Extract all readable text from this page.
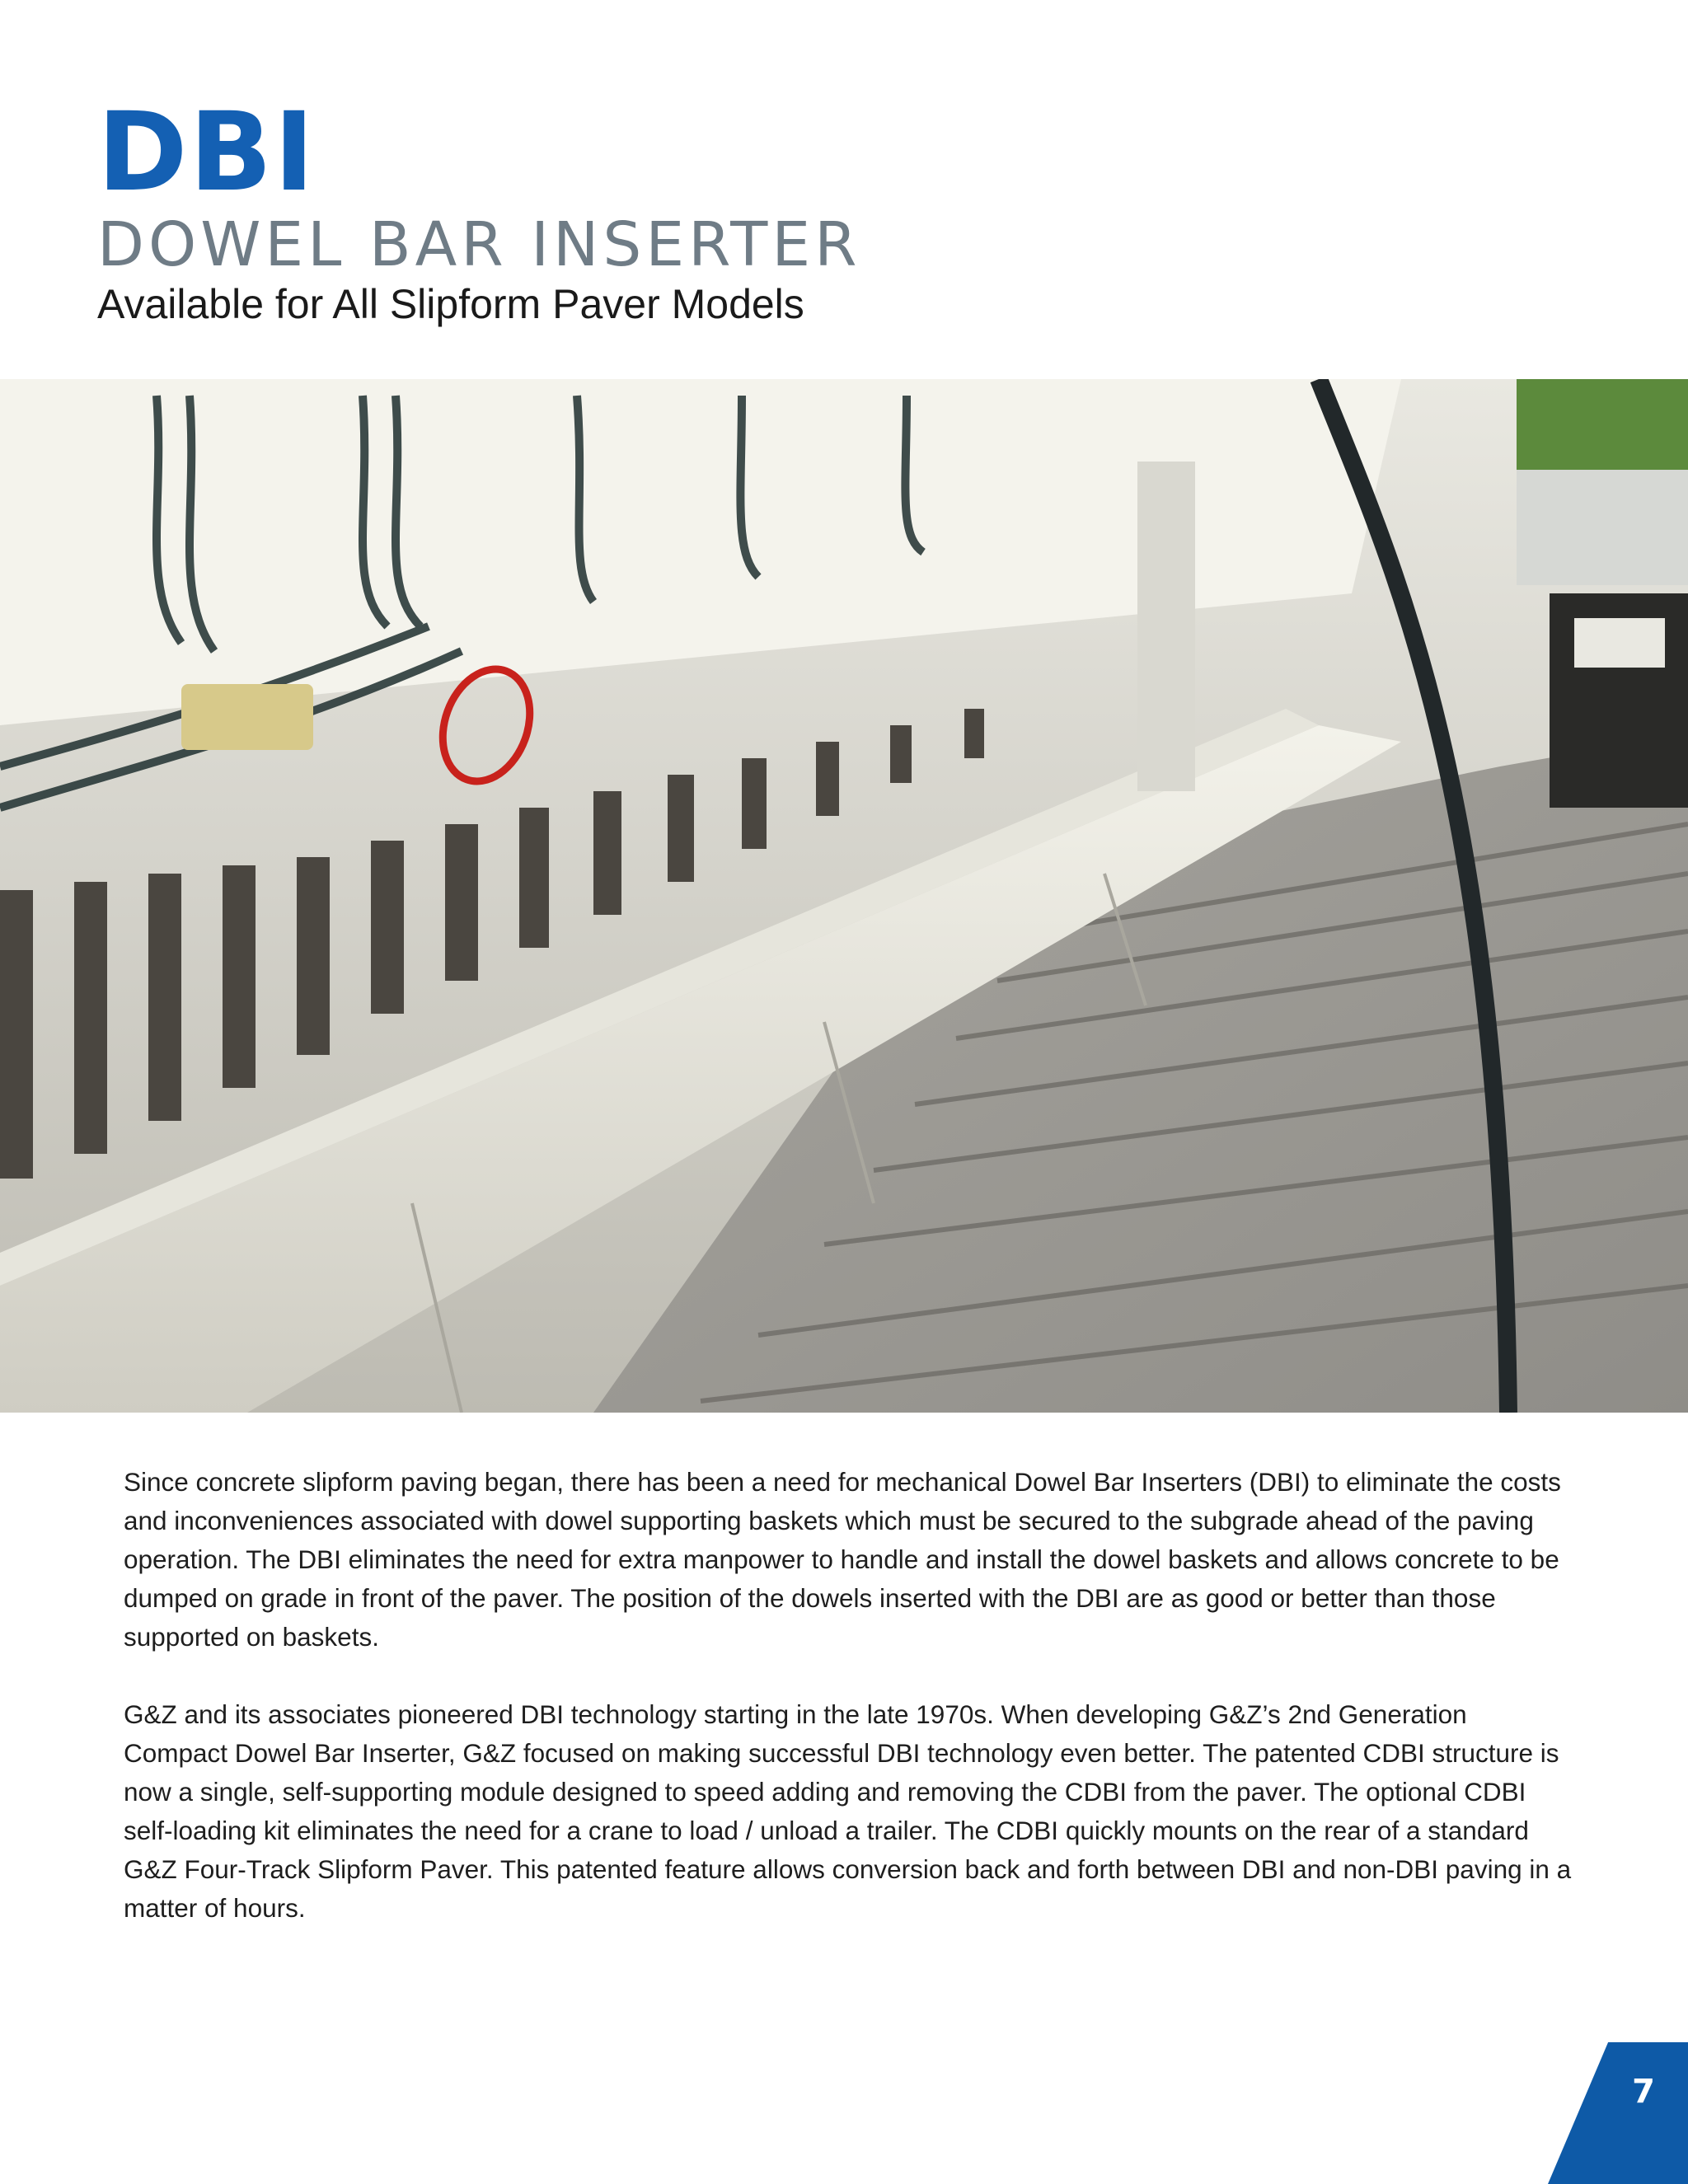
DBI
DOWEL BAR INSERTER

Available for All Slipform Paver Models

Since concrete slipform paving began, there has been a need for mechanical Dowel Bar Inserters (DBI) to eliminate the costs and inconveniences associated with dowel supporting baskets which must be secured to the subgrade ahead of the paving operation. The DBI eliminates the need for extra manpower to handle and install the dowel baskets and allows concrete to be dumped on grade in front of the paver. The position of the dowels inserted with the DBI are as good or better than those supported on baskets.

G&Z and its associates pioneered DBI technology starting in the late 1970s. When developing G&Z’s 2nd Generation Compact Dowel Bar Inserter, G&Z focused on making successful DBI technology even better. The patented CDBI structure is now a single, self-supporting module designed to speed adding and removing the CDBI from the paver. The optional CDBI self-loading kit eliminates the need for a crane to load / unload a trailer. The CDBI quickly mounts on the rear of a standard G&Z Four-Track Slipform Paver. This patented feature allows conversion back and forth between DBI and non-DBI paving in a matter of hours.

7
